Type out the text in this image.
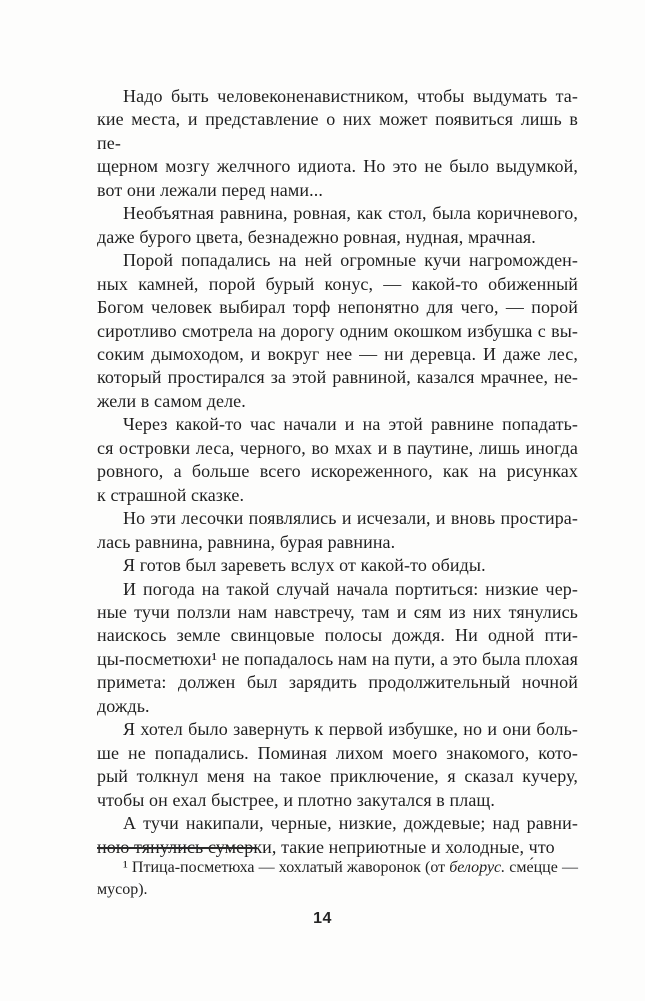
Надо быть человеконенавистником, чтобы выдумать та-
кие места, и представление о них может появиться лишь в пе-
щерном мозгу желчного идиота. Но это не было выдумкой,
вот они лежали перед нами...
Необъятная равнина, ровная, как стол, была коричневого,
даже бурого цвета, безнадежно ровная, нудная, мрачная.
Порой попадались на ней огромные кучи нагроможден-
ных камней, порой бурый конус, — какой-то обиженный
Богом человек выбирал торф непонятно для чего, — порой
сиротливо смотрела на дорогу одним окошком избушка с вы-
соким дымоходом, и вокруг нее — ни деревца. И даже лес,
который простирался за этой равниной, казался мрачнее, не-
жели в самом деле.
Через какой-то час начали и на этой равнине попадать-
ся островки леса, черного, во мхах и в паутине, лишь иногда
ровного, а больше всего искореженного, как на рисунках
к страшной сказке.
Но эти лесочки появлялись и исчезали, и вновь простира-
лась равнина, равнина, бурая равнина.
Я готов был зареветь вслух от какой-то обиды.
И погода на такой случай начала портиться: низкие чер-
ные тучи ползли нам навстречу, там и сям из них тянулись
наискось земле свинцовые полосы дождя. Ни одной пти-
цы-посметюхи¹ не попадалось нам на пути, а это была плохая
примета: должен был зарядить продолжительный ночной
дождь.
Я хотел было завернуть к первой избушке, но и они боль-
ше не попадались. Поминая лихом моего знакомого, кото-
рый толкнул меня на такое приключение, я сказал кучеру,
чтобы он ехал быстрее, и плотно закутался в плащ.
А тучи накипали, черные, низкие, дождевые; над равни-
ною тянулись сумерки, такие неприютные и холодные, что
¹ Птица-посметюха — хохлатый жаворонок (от белорус. сме́цце —
мусор).
14
